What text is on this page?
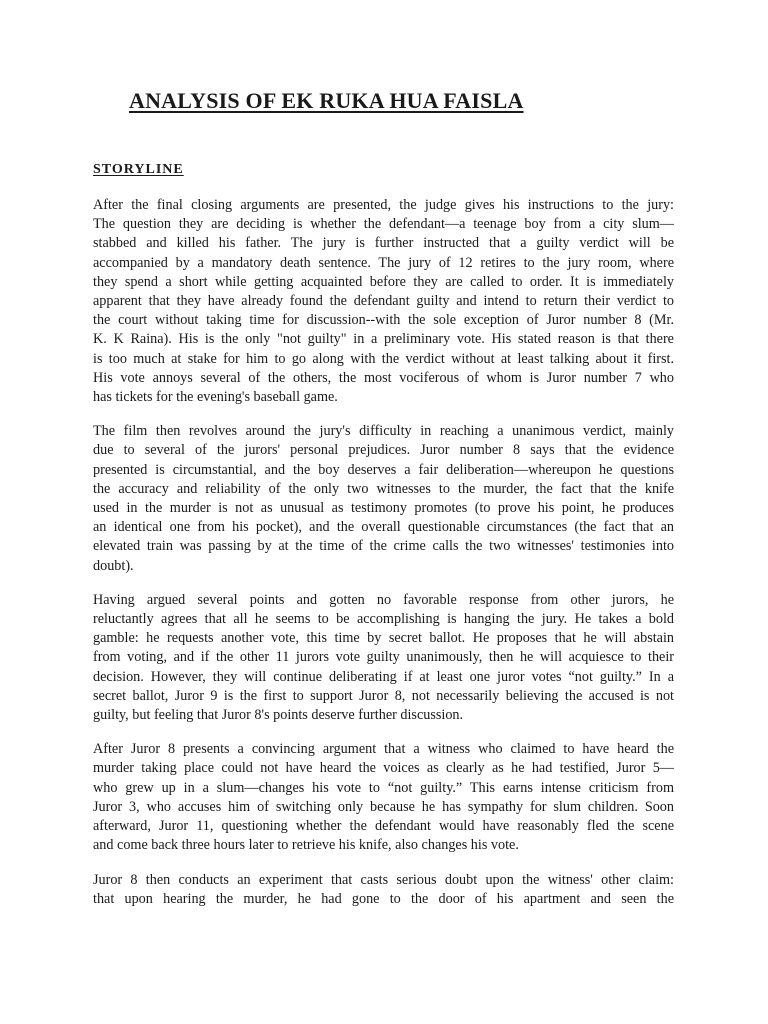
ANALYSIS OF EK RUKA HUA FAISLA
STORYLINE

After the final closing arguments are presented, the judge gives his instructions to the jury:
The question they are deciding is whether the defendant—a teenage boy from a city slum—
stabbed and killed his father. The jury is further instructed that a guilty verdict will be
accompanied by a mandatory death sentence. The jury of 12 retires to the jury room, where
they spend a short while getting acquainted before they are called to order. It is immediately
apparent that they have already found the defendant guilty and intend to return their verdict to
the court without taking time for discussion--with the sole exception of Juror number 8 (Mr.
K. K Raina). His is the only "not guilty" in a preliminary vote. His stated reason is that there
is too much at stake for him to go along with the verdict without at least talking about it first.
His vote annoys several of the others, the most vociferous of whom is Juror number 7 who
has tickets for the evening's baseball game.

The film then revolves around the jury's difficulty in reaching a unanimous verdict, mainly
due to several of the jurors' personal prejudices. Juror number 8 says that the evidence
presented is circumstantial, and the boy deserves a fair deliberation—whereupon he questions
the accuracy and reliability of the only two witnesses to the murder, the fact that the knife
used in the murder is not as unusual as testimony promotes (to prove his point, he produces
an identical one from his pocket), and the overall questionable circumstances (the fact that an
elevated train was passing by at the time of the crime calls the two witnesses' testimonies into
doubt).

Having argued several points and gotten no favorable response from other jurors, he
reluctantly agrees that all he seems to be accomplishing is hanging the jury. He takes a bold
gamble: he requests another vote, this time by secret ballot. He proposes that he will abstain
from voting, and if the other 11 jurors vote guilty unanimously, then he will acquiesce to their
decision. However, they will continue deliberating if at least one juror votes “not guilty.” In a
secret ballot, Juror 9 is the first to support Juror 8, not necessarily believing the accused is not
guilty, but feeling that Juror 8's points deserve further discussion.

After Juror 8 presents a convincing argument that a witness who claimed to have heard the
murder taking place could not have heard the voices as clearly as he had testified, Juror 5—
who grew up in a slum—changes his vote to “not guilty.” This earns intense criticism from
Juror 3, who accuses him of switching only because he has sympathy for slum children. Soon
afterward, Juror 11, questioning whether the defendant would have reasonably fled the scene
and come back three hours later to retrieve his knife, also changes his vote.

Juror 8 then conducts an experiment that casts serious doubt upon the witness' other claim:
that upon hearing the murder, he had gone to the door of his apartment and seen the
